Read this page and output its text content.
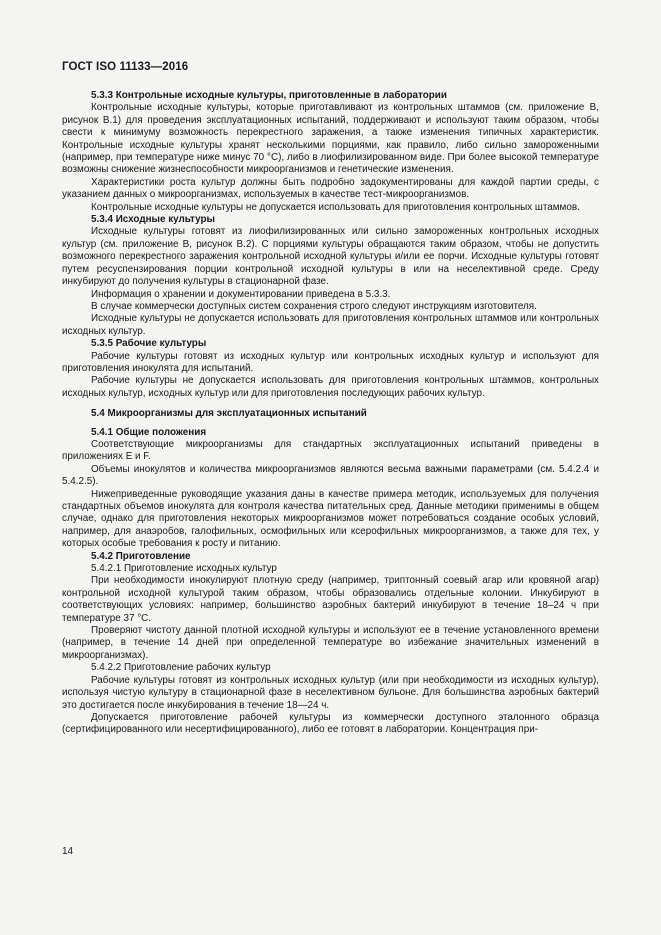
ГОСТ ISO 11133—2016

5.3.3 Контрольные исходные культуры, приготовленные в лаборатории

Контрольные исходные культуры, которые приготавливают из контрольных штаммов (см. приложение В, рисунок В.1) для проведения эксплуатационных испытаний, поддерживают и используют таким образом, чтобы свести к минимуму возможность перекрестного заражения, а также изменения типичных характеристик. Контрольные исходные культуры хранят несколькими порциями, как правило, либо сильно замороженными (например, при температуре ниже минус 70 °C), либо в лиофилизированном виде. При более высокой температуре возможны снижение жизнеспособности микроорганизмов и генетические изменения.

Характеристики роста культур должны быть подробно задокументированы для каждой партии среды, с указанием данных о микроорганизмах, используемых в качестве тест-микроорганизмов.

Контрольные исходные культуры не допускается использовать для приготовления контрольных штаммов.

5.3.4 Исходные культуры

Исходные культуры готовят из лиофилизированных или сильно замороженных контрольных исходных культур (см. приложение В, рисунок В.2). С порциями культуры обращаются таким образом, чтобы не допустить возможного перекрестного заражения контрольной исходной культуры и/или ее порчи. Исходные культуры готовят путем ресуспензирования порции контрольной исходной культуры в или на неселективной среде. Среду инкубируют до получения культуры в стационарной фазе.

Информация о хранении и документировании приведена в 5.3.3.

В случае коммерчески доступных систем сохранения строго следуют инструкциям изготовителя.

Исходные культуры не допускается использовать для приготовления контрольных штаммов или контрольных исходных культур.

5.3.5 Рабочие культуры

Рабочие культуры готовят из исходных культур или контрольных исходных культур и используют для приготовления инокулята для испытаний.

Рабочие культуры не допускается использовать для приготовления контрольных штаммов, контрольных исходных культур, исходных культур или для приготовления последующих рабочих культур.

5.4 Микроорганизмы для эксплуатационных испытаний

5.4.1 Общие положения

Соответствующие микроорганизмы для стандартных эксплуатационных испытаний приведены в приложениях Е и F.

Объемы инокулятов и количества микроорганизмов являются весьма важными параметрами (см. 5.4.2.4 и 5.4.2.5).

Нижеприведенные руководящие указания даны в качестве примера методик, используемых для получения стандартных объемов инокулята для контроля качества питательных сред. Данные методики применимы в общем случае, однако для приготовления некоторых микроорганизмов может потребоваться создание особых условий, например, для анаэробов, галофильных, осмофильных или ксерофильных микроорганизмов, а также для тех, у которых особые требования к росту и питанию.

5.4.2 Приготовление

5.4.2.1 Приготовление исходных культур

При необходимости инокулируют плотную среду (например, триптонный соевый агар или кровяной агар) контрольной исходной культурой таким образом, чтобы образовались отдельные колонии. Инкубируют в соответствующих условиях: например, большинство аэробных бактерий инкубируют в течение 18–24 ч при температуре 37 °C.

Проверяют чистоту данной плотной исходной культуры и используют ее в течение установленного времени (например, в течение 14 дней при определенной температуре во избежание значительных изменений в микроорганизмах).

5.4.2.2 Приготовление рабочих культур

Рабочие культуры готовят из контрольных исходных культур (или при необходимости из исходных культур), используя чистую культуру в стационарной фазе в неселективном бульоне. Для большинства аэробных бактерий это достигается после инкубирования в течение 18—24 ч.

Допускается приготовление рабочей культуры из коммерчески доступного эталонного образца (сертифицированного или несертифицированного), либо ее готовят в лаборатории. Концентрация при-

14
